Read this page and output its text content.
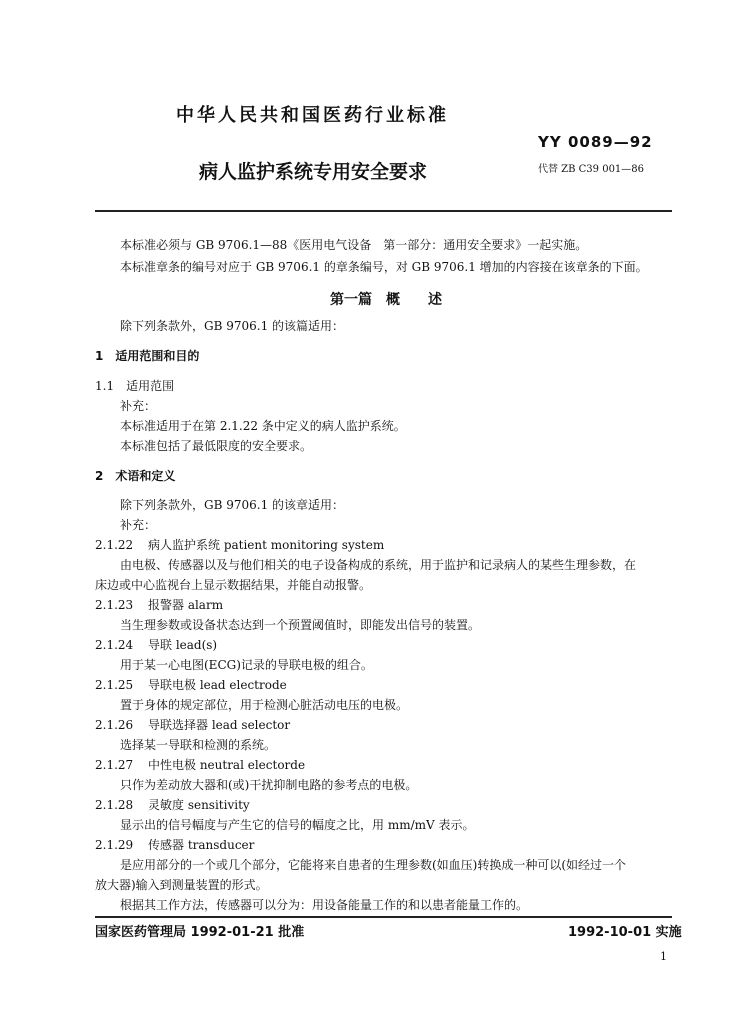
中华人民共和国医药行业标准
YY 0089—92
病人监护系统专用安全要求	代替 ZB C39 001—86
本标准必须与 GB 9706.1—88《医用电气设备　第一部分：通用安全要求》一起实施。
本标准章条的编号对应于 GB 9706.1 的章条编号，对 GB 9706.1 增加的内容接在该章条的下面。
第一篇　概　　述
除下列条款外，GB 9706.1 的该篇适用：
1　适用范围和目的
1.1　适用范围
补充：
本标准适用于在第 2.1.22 条中定义的病人监护系统。
本标准包括了最低限度的安全要求。
2　术语和定义
除下列条款外，GB 9706.1 的该章适用：
补充：
2.1.22 病人监护系统 patient monitoring system
由电极、传感器以及与他们相关的电子设备构成的系统，用于监护和记录病人的某些生理参数，在
床边或中心监视台上显示数据结果，并能自动报警。
2.1.23 报警器 alarm
当生理参数或设备状态达到一个预置阈值时，即能发出信号的装置。
2.1.24 导联 lead(s)
用于某一心电图(ECG)记录的导联电极的组合。
2.1.25 导联电极 lead electrode
置于身体的规定部位，用于检测心脏活动电压的电极。
2.1.26 导联选择器 lead selector
选择某一导联和检测的系统。
2.1.27 中性电极 neutral electorde
只作为差动放大器和(或)干扰抑制电路的参考点的电极。
2.1.28 灵敏度 sensitivity
显示出的信号幅度与产生它的信号的幅度之比，用 mm/mV 表示。
2.1.29 传感器 transducer
是应用部分的一个或几个部分，它能将来自患者的生理参数(如血压)转换成一种可以(如经过一个
放大器)输入到测量装置的形式。
根据其工作方法，传感器可以分为：用设备能量工作的和以患者能量工作的。
国家医药管理局 1992-01-21 批准	1992-10-01 实施
1
